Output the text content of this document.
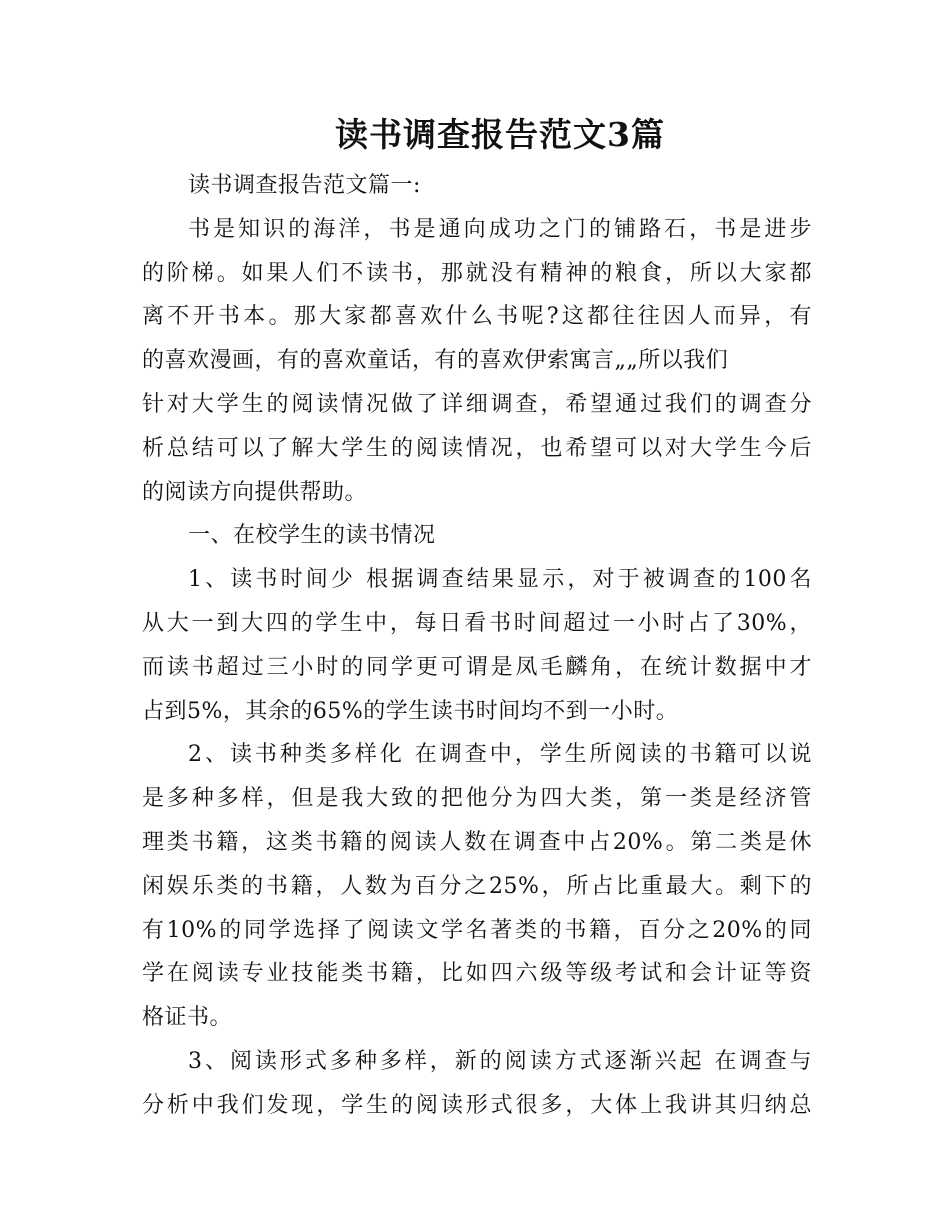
读书调查报告范文3篇
读书调查报告范文篇一:
书是知识的海洋，书是通向成功之门的铺路石，书是进步
的阶梯。如果人们不读书，那就没有精神的粮食，所以大家都
离不开书本。那大家都喜欢什么书呢?这都往往因人而异，有
的喜欢漫画，有的喜欢童话，有的喜欢伊索寓言„„所以我们
针对大学生的阅读情况做了详细调查，希望通过我们的调查分
析总结可以了解大学生的阅读情况，也希望可以对大学生今后
的阅读方向提供帮助。
一、在校学生的读书情况
1、读书时间少 根据调查结果显示，对于被调查的100名
从大一到大四的学生中，每日看书时间超过一小时占了30%，
而读书超过三小时的同学更可谓是凤毛麟角，在统计数据中才
占到5%，其余的65%的学生读书时间均不到一小时。
2、读书种类多样化 在调查中，学生所阅读的书籍可以说
是多种多样，但是我大致的把他分为四大类，第一类是经济管
理类书籍，这类书籍的阅读人数在调查中占20%。第二类是休
闲娱乐类的书籍，人数为百分之25%，所占比重最大。剩下的
有10%的同学选择了阅读文学名著类的书籍，百分之20%的同
学在阅读专业技能类书籍，比如四六级等级考试和会计证等资
格证书。
3、阅读形式多种多样，新的阅读方式逐渐兴起 在调查与
分析中我们发现，学生的阅读形式很多，大体上我讲其归纳总
